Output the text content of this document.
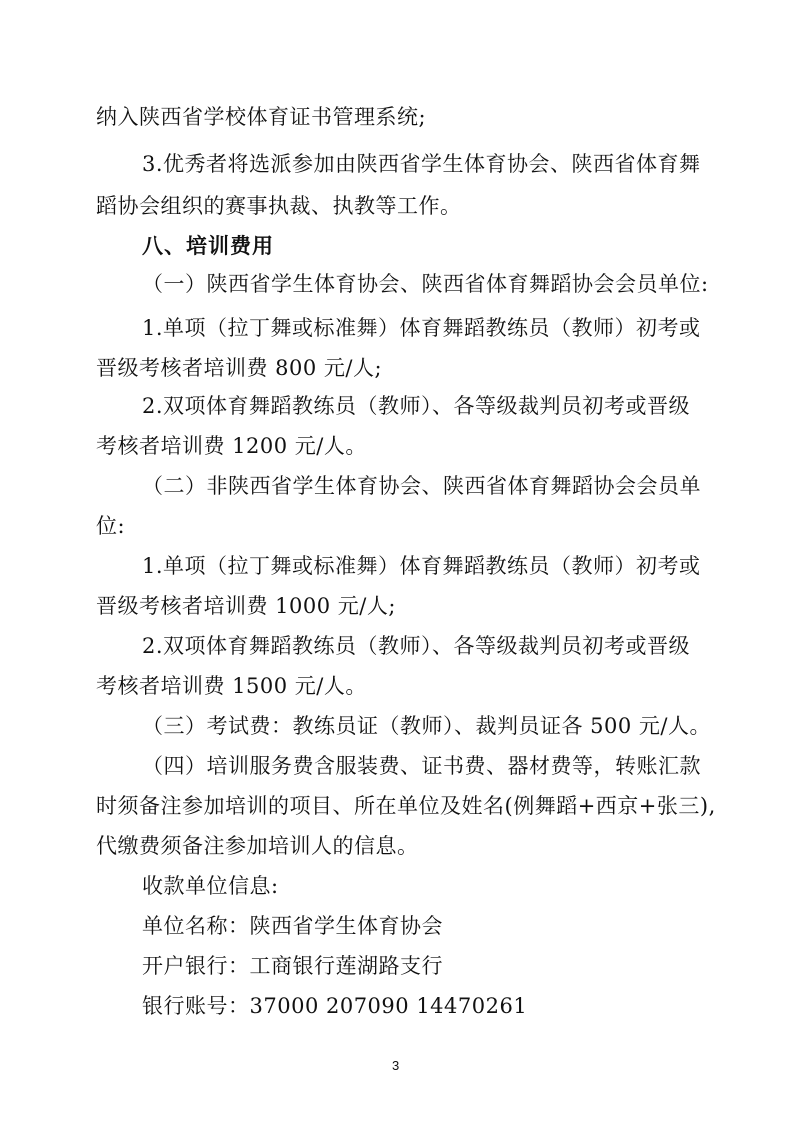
纳入陕西省学校体育证书管理系统;
3.优秀者将选派参加由陕西省学生体育协会、陕西省体育舞
蹈协会组织的赛事执裁、执教等工作。
八、培训费用
（一）陕西省学生体育协会、陕西省体育舞蹈协会会员单位:
1.单项（拉丁舞或标准舞）体育舞蹈教练员（教师）初考或
晋级考核者培训费 800 元/人;
2.双项体育舞蹈教练员（教师）、各等级裁判员初考或晋级
考核者培训费 1200 元/人。
（二）非陕西省学生体育协会、陕西省体育舞蹈协会会员单
位:
1.单项（拉丁舞或标准舞）体育舞蹈教练员（教师）初考或
晋级考核者培训费 1000 元/人;
2.双项体育舞蹈教练员（教师）、各等级裁判员初考或晋级
考核者培训费 1500 元/人。
（三）考试费：教练员证（教师）、裁判员证各 500 元/人。
（四）培训服务费含服装费、证书费、器材费等，转账汇款
时须备注参加培训的项目、所在单位及姓名(例舞蹈+西京+张三),
代缴费须备注参加培训人的信息。
收款单位信息:
单位名称：陕西省学生体育协会
开户银行：工商银行莲湖路支行
银行账号：37000 207090 14470261
3
